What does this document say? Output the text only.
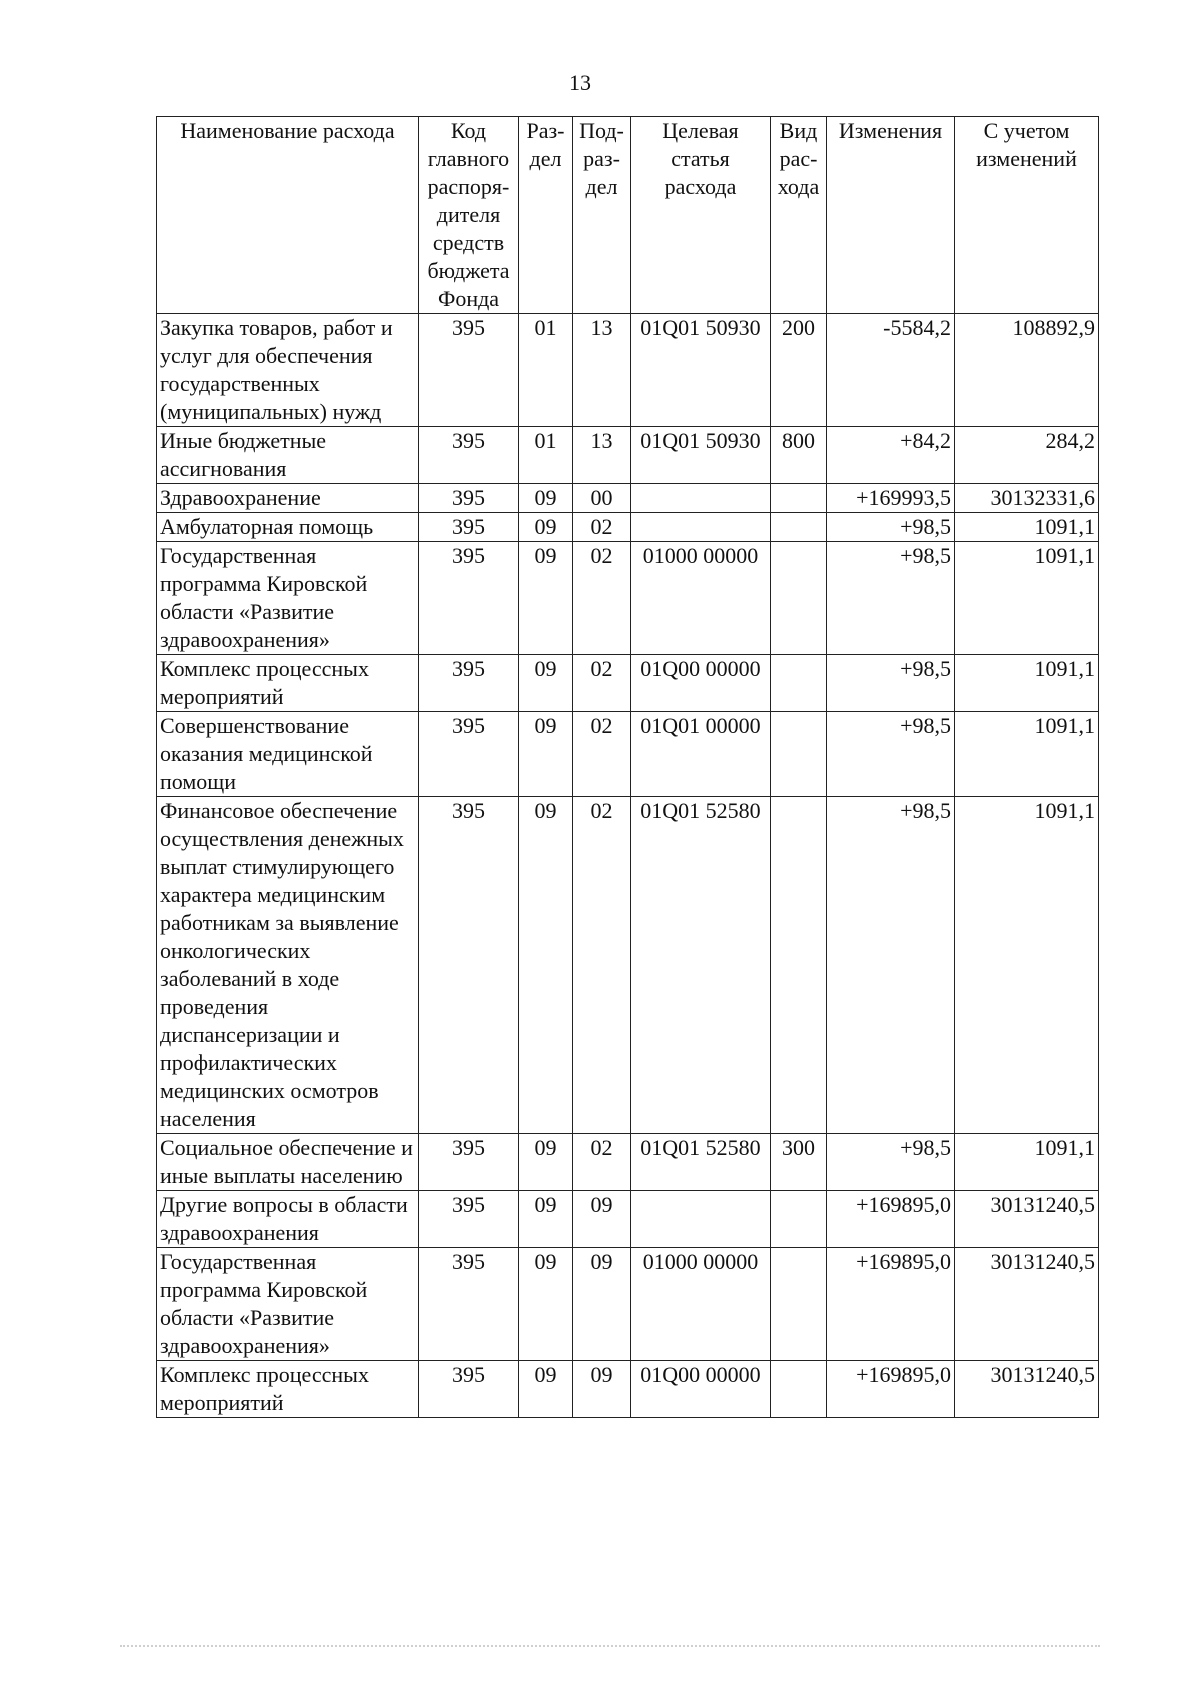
13
Наименование расхода	Код главного распоря-дителя средств бюджета Фонда	Раз-дел	Под-раз-дел	Целевая статья расхода	Вид рас-хода	Изменения	С учетом изменений
Закупка товаров, работ и услуг для обеспечения государственных (муниципальных) нужд	395	01	13	01Q01 50930	200	-5584,2	108892,9
Иные бюджетные ассигнования	395	01	13	01Q01 50930	800	+84,2	284,2
Здравоохранение	395	09	00			+169993,5	30132331,6
Амбулаторная помощь	395	09	02			+98,5	1091,1
Государственная программа Кировской области «Развитие здравоохранения»	395	09	02	01000 00000		+98,5	1091,1
Комплекс процессных мероприятий	395	09	02	01Q00 00000		+98,5	1091,1
Совершенствование оказания медицинской помощи	395	09	02	01Q01 00000		+98,5	1091,1
Финансовое обеспечение осуществления денежных выплат стимулирующего характера медицинским работникам за выявление онкологических заболеваний в ходе проведения диспансеризации и профилактических медицинских осмотров населения	395	09	02	01Q01 52580		+98,5	1091,1
Социальное обеспечение и иные выплаты населению	395	09	02	01Q01 52580	300	+98,5	1091,1
Другие вопросы в области здравоохранения	395	09	09			+169895,0	30131240,5
Государственная программа Кировской области «Развитие здравоохранения»	395	09	09	01000 00000		+169895,0	30131240,5
Комплекс процессных мероприятий	395	09	09	01Q00 00000		+169895,0	30131240,5
